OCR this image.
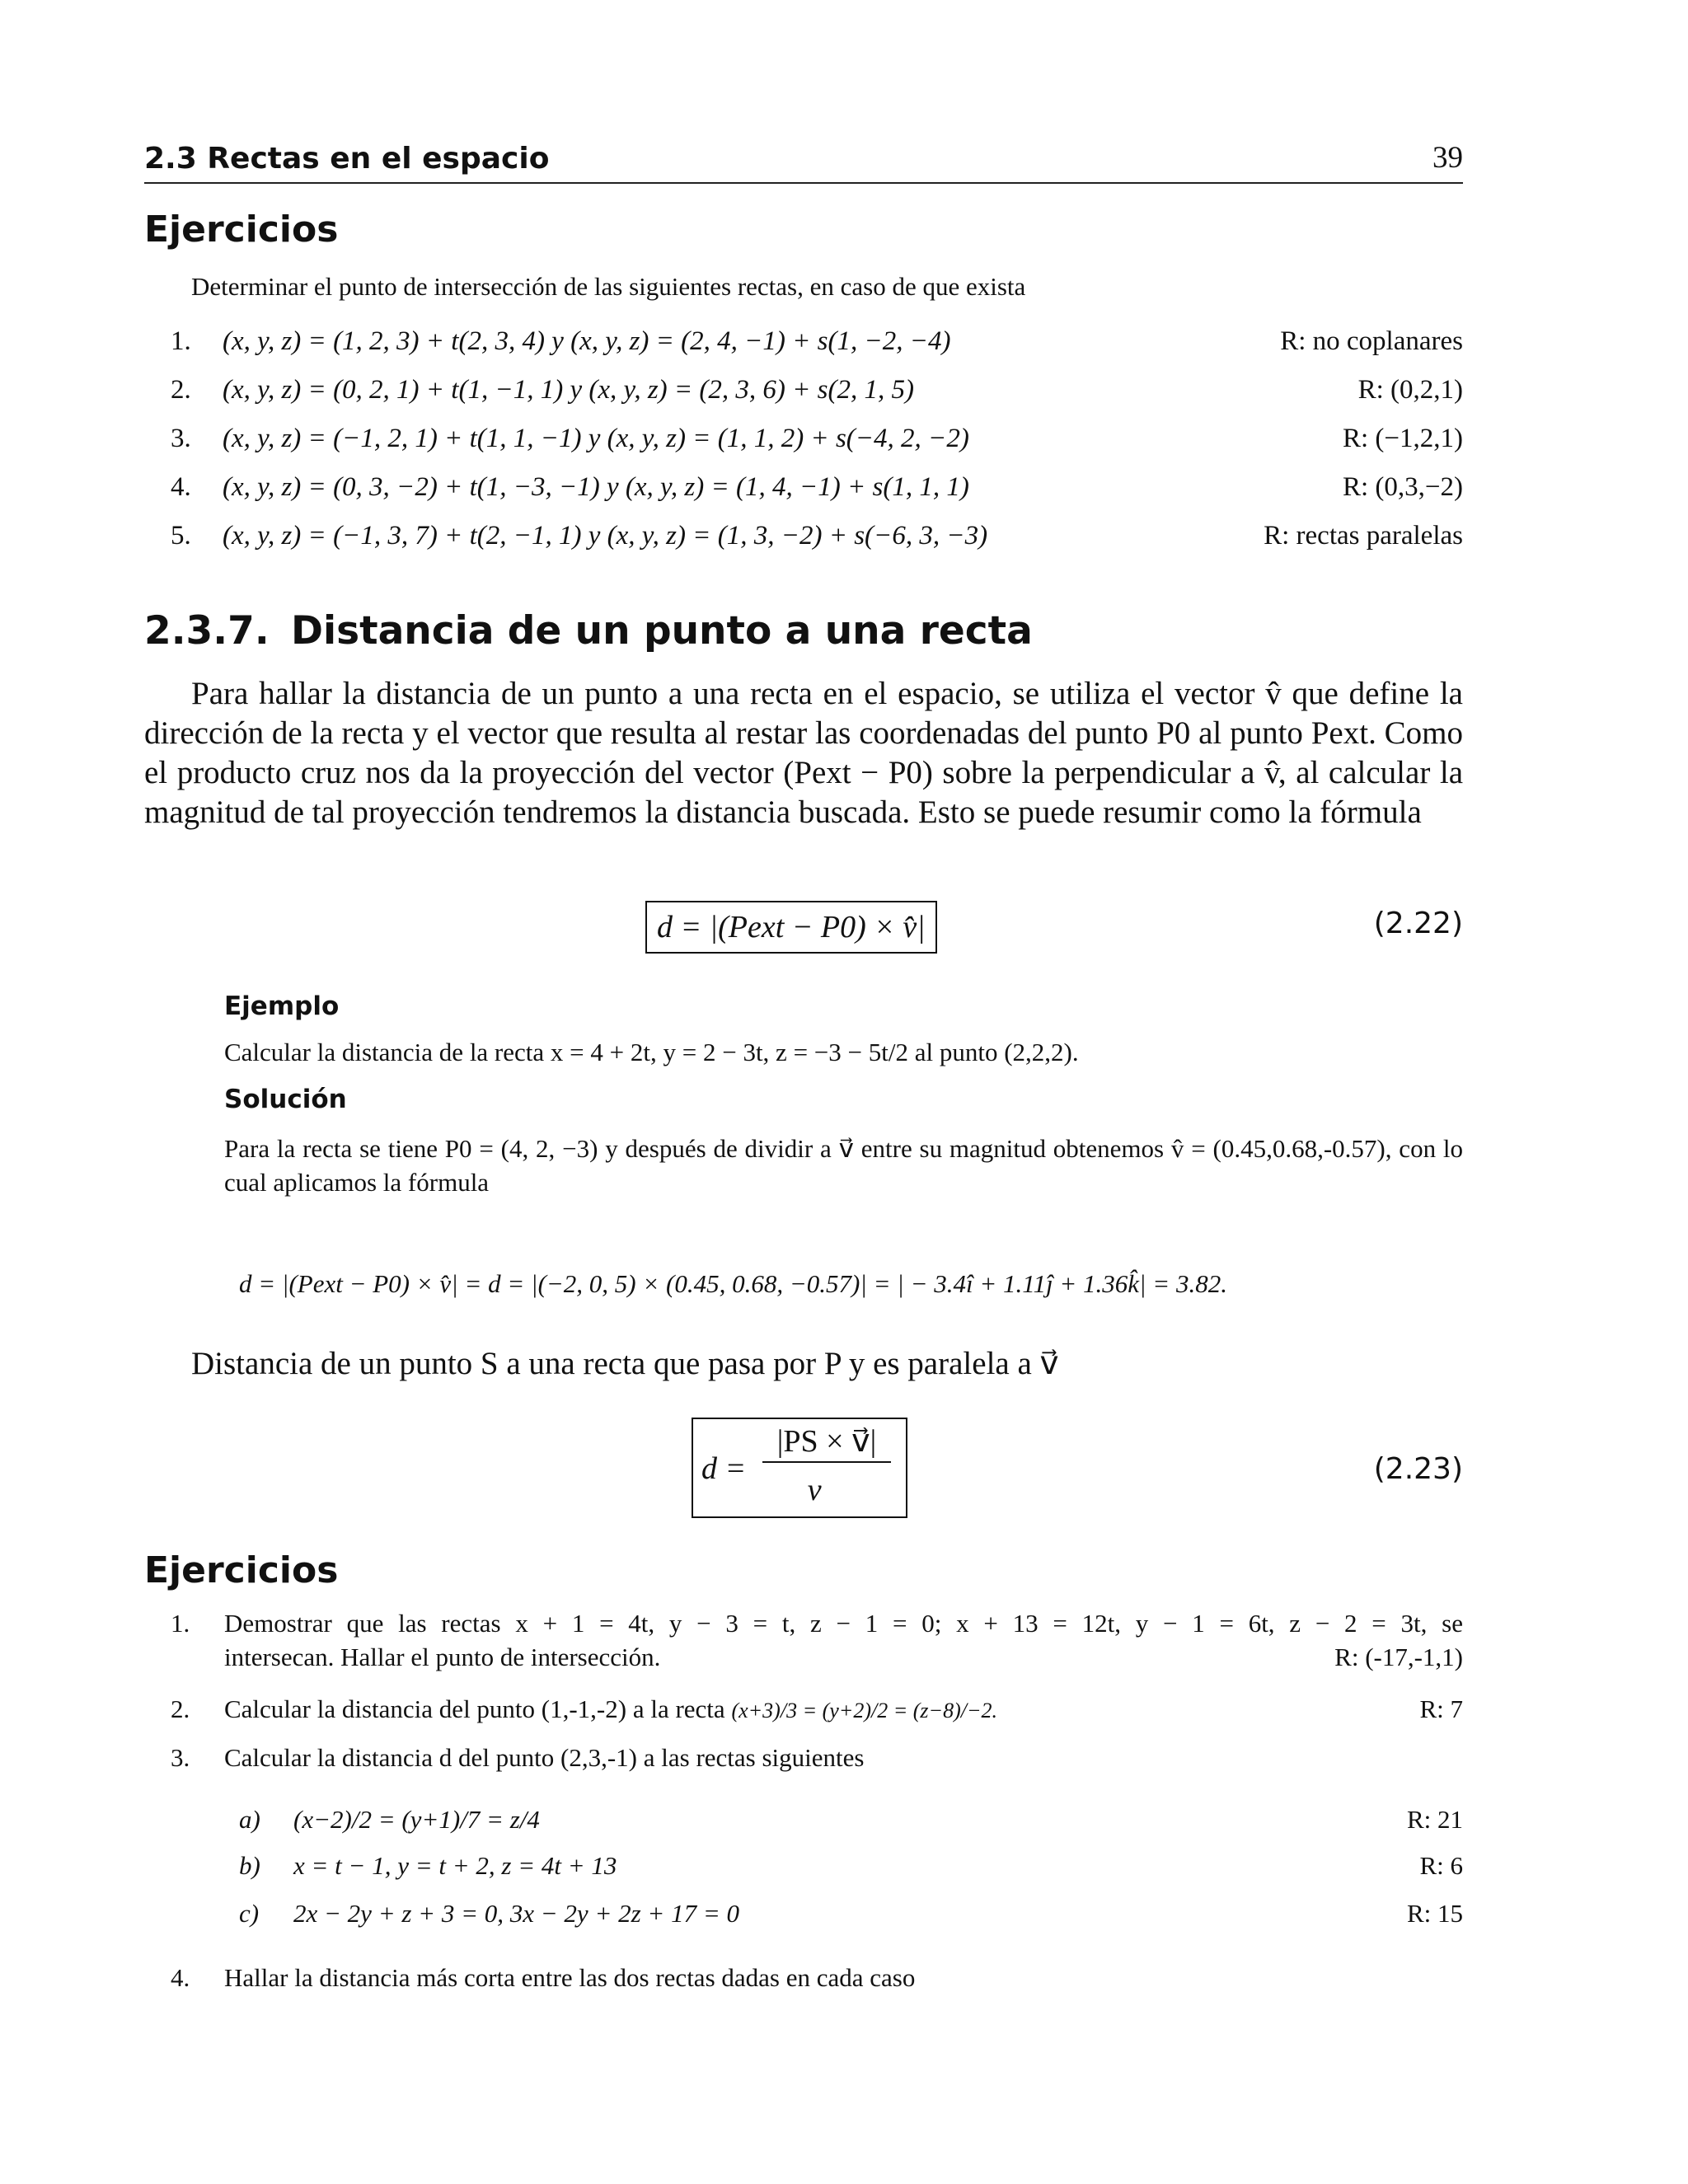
2.3 Rectas en el espacio	39
Ejercicios
Determinar el punto de intersección de las siguientes rectas, en caso de que exista
1. (x, y, z) = (1, 2, 3) + t(2, 3, 4) y (x, y, z) = (2, 4, −1) + s(1, −2, −4)	R: no coplanares
2. (x, y, z) = (0, 2, 1) + t(1, −1, 1) y (x, y, z) = (2, 3, 6) + s(2, 1, 5)	R: (0,2,1)
3. (x, y, z) = (−1, 2, 1) + t(1, 1, −1) y (x, y, z) = (1, 1, 2) + s(−4, 2, −2)	R: (−1,2,1)
4. (x, y, z) = (0, 3, −2) + t(1, −3, −1) y (x, y, z) = (1, 4, −1) + s(1, 1, 1)	R: (0,3,−2)
5. (x, y, z) = (−1, 3, 7) + t(2, −1, 1) y (x, y, z) = (1, 3, −2) + s(−6, 3, −3)	R: rectas paralelas
2.3.7. Distancia de un punto a una recta

Para hallar la distancia de un punto a una recta en el espacio, se utiliza el vector v̂ que define la dirección de la recta y el vector que resulta al restar las coordenadas del punto P0 al punto Pext. Como el producto cruz nos da la proyección del vector (Pext − P0) sobre la perpendicular a v̂, al calcular la magnitud de tal proyección tendremos la distancia buscada. Esto se puede resumir como la fórmula

d = |(Pext − P0) × v̂|	(2.22)
Ejemplo
Calcular la distancia de la recta x = 4 + 2t, y = 2 − 3t, z = −3 − 5t/2 al punto (2,2,2).
Solución
Para la recta se tiene P0 = (4, 2, −3) y después de dividir a v⃗ entre su magnitud obtenemos v̂ = (0.45,0.68,-0.57), con lo cual aplicamos la fórmula
d = |(Pext − P0) × v̂| = d = |(−2, 0, 5) × (0.45, 0.68, −0.57)| = | − 3.4î + 1.11ĵ + 1.36k̂| = 3.82.
Distancia de un punto S a una recta que pasa por P y es paralela a v⃗
d =
|PS × v⃗|
v⃗
(2.23)
Ejercicios
1. Demostrar que las rectas x + 1 = 4t, y − 3 = t, z − 1 = 0; x + 13 = 12t, y − 1 = 6t, z − 2 = 3t, se
intersecan. Hallar el punto de intersección.	R: (-17,-1,1)
2. Calcular la distancia del punto (1,-1,-2) a la recta (x+3)/3 = (y+2)/2 = (z−8)/−2.	R: 7
3. Calcular la distancia d del punto (2,3,-1) a las rectas siguientes
a) (x−2)/2 = (y+1)/7 = z/4	R: 21
b) x = t − 1, y = t + 2, z = 4t + 13	R: 6
c) 2x − 2y + z + 3 = 0, 3x − 2y + 2z + 17 = 0	R: 15
4. Hallar la distancia más corta entre las dos rectas dadas en cada caso
